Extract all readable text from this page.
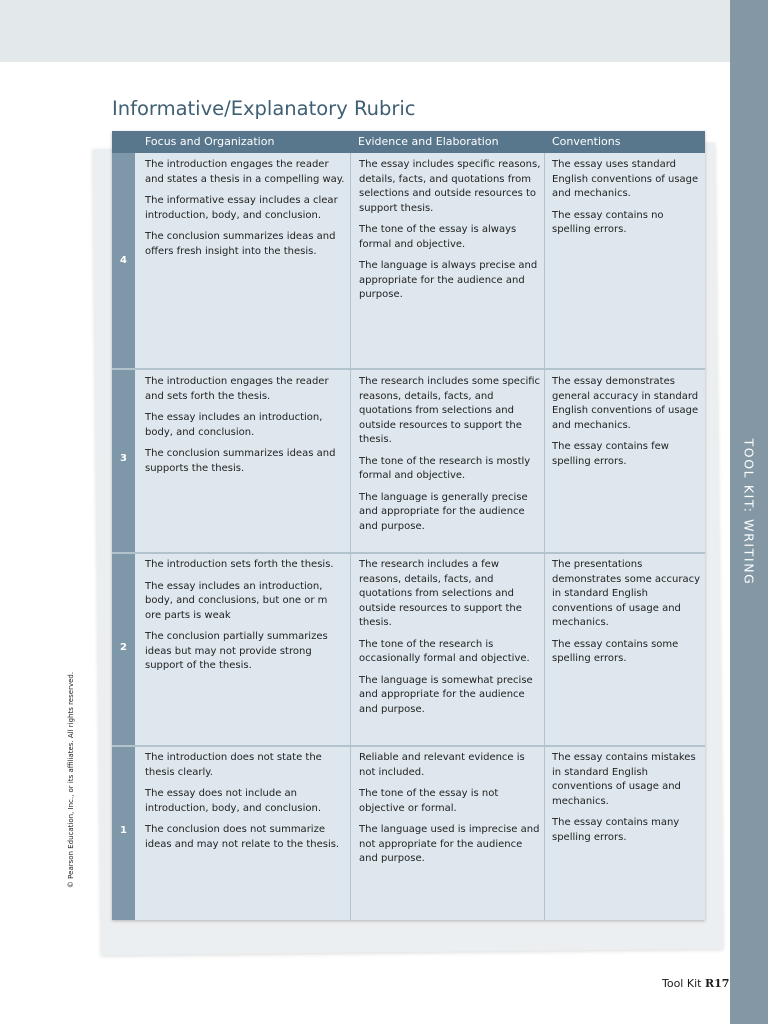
TOOL KIT: WRITING
© Pearson Education, Inc., or its affiliates. All rights reserved.
Informative/Explanatory Rubric
Focus and Organization	Evidence and Elaboration	Conventions
4

The introduction engages the reader and states a thesis in a compelling way.

The informative essay includes a clear introduction, body, and conclusion.

The conclusion summarizes ideas and offers fresh insight into the thesis.

The essay includes specific reasons, details, facts, and quotations from selections and outside resources to support thesis.

The tone of the essay is always formal and objective.

The language is always precise and appropriate for the audience and purpose.

The essay uses standard English conventions of usage and mechanics.

The essay contains no spelling errors.

3

The introduction engages the reader and sets forth the thesis.

The essay includes an introduction, body, and conclusion.

The conclusion summarizes ideas and supports the thesis.

The research includes some specific reasons, details, facts, and quotations from selections and outside resources to support the thesis.

The tone of the research is mostly formal and objective.

The language is generally precise and appropriate for the audience and purpose.

The essay demonstrates general accuracy in standard English conventions of usage and mechanics.

The essay contains few spelling errors.

2

The introduction sets forth the thesis.

The essay includes an introduction, body, and conclusions, but one or m ore parts is weak

The conclusion partially summarizes ideas but may not provide strong support of the thesis.

The research includes a few reasons, details, facts, and quotations from selections and outside resources to support the thesis.

The tone of the research is occasionally formal and objective.

The language is somewhat precise and appropriate for the audience and purpose.

The presentations demonstrates some accuracy in standard English conventions of usage and mechanics.

The essay contains some spelling errors.

1

The introduction does not state the thesis clearly.

The essay does not include an introduction, body, and conclusion.

The conclusion does not summarize ideas and may not relate to the thesis.

Reliable and relevant evidence is not included.

The tone of the essay is not objective or formal.

The language used is imprecise and not appropriate for the audience and purpose.

The essay contains mistakes in standard English conventions of usage and mechanics.

The essay contains many spelling errors.

Tool Kit R17
